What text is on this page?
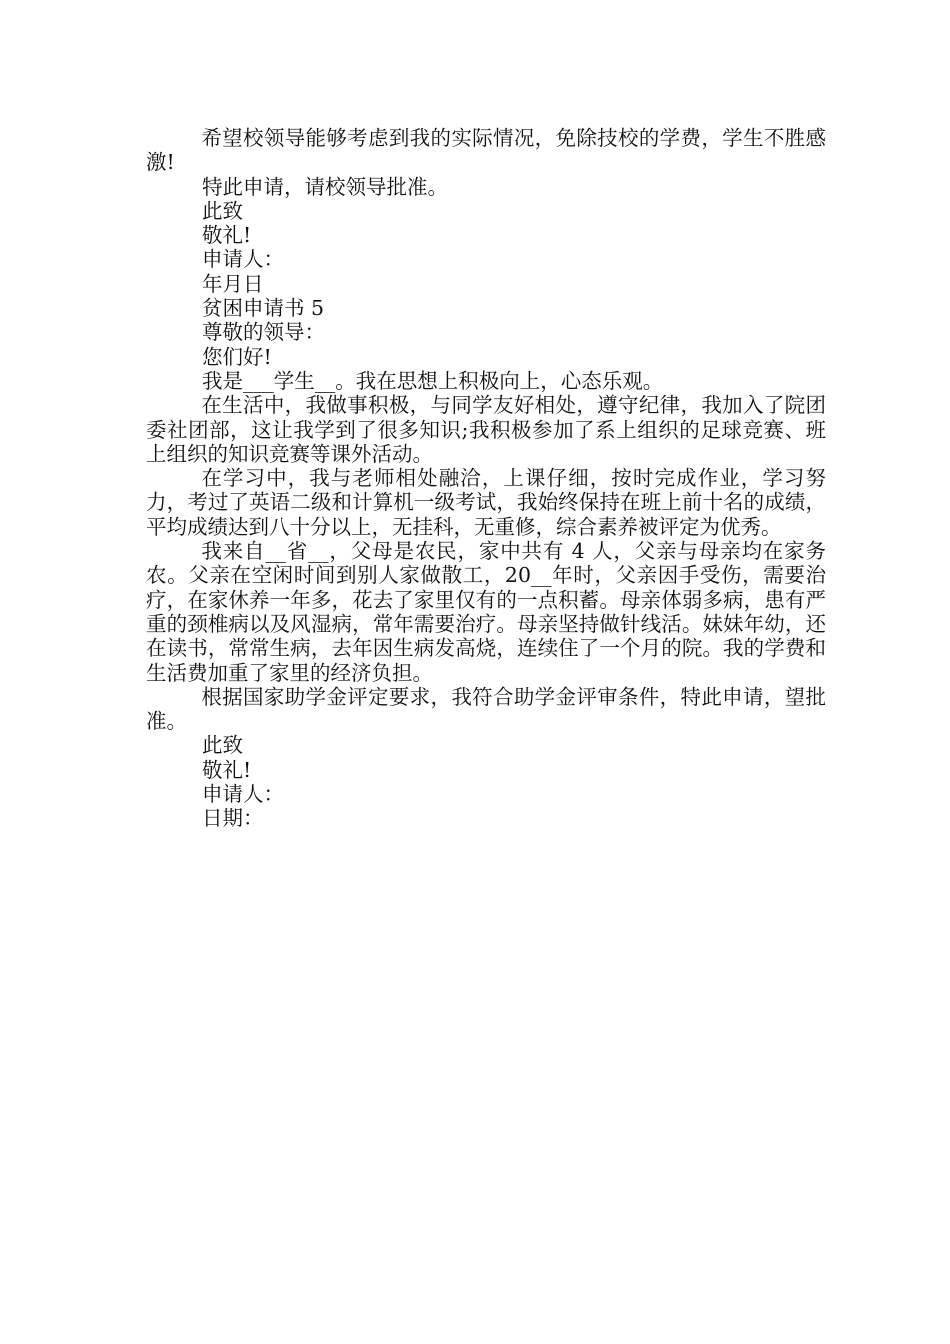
希望校领导能够考虑到我的实际情况，免除技校的学费，学生不胜感激!

特此申请，请校领导批准。

此致

敬礼!

申请人：

年月日

贫困申请书 5

尊敬的领导：

您们好!

我是___学生__。我在思想上积极向上，心态乐观。

在生活中，我做事积极，与同学友好相处，遵守纪律，我加入了院团委社团部，这让我学到了很多知识;我积极参加了系上组织的足球竞赛、班上组织的知识竞赛等课外活动。

在学习中，我与老师相处融洽，上课仔细，按时完成作业，学习努力，考过了英语二级和计算机一级考试，我始终保持在班上前十名的成绩，平均成绩达到八十分以上，无挂科，无重修，综合素养被评定为优秀。

我来自__省__，父母是农民，家中共有 4 人，父亲与母亲均在家务农。父亲在空闲时间到别人家做散工，20__年时，父亲因手受伤，需要治疗，在家休养一年多，花去了家里仅有的一点积蓄。母亲体弱多病，患有严重的颈椎病以及风湿病，常年需要治疗。母亲坚持做针线活。妹妹年幼，还在读书，常常生病，去年因生病发高烧，连续住了一个月的院。我的学费和生活费加重了家里的经济负担。

根据国家助学金评定要求，我符合助学金评审条件，特此申请，望批准。

此致

敬礼!

申请人：

日期：
